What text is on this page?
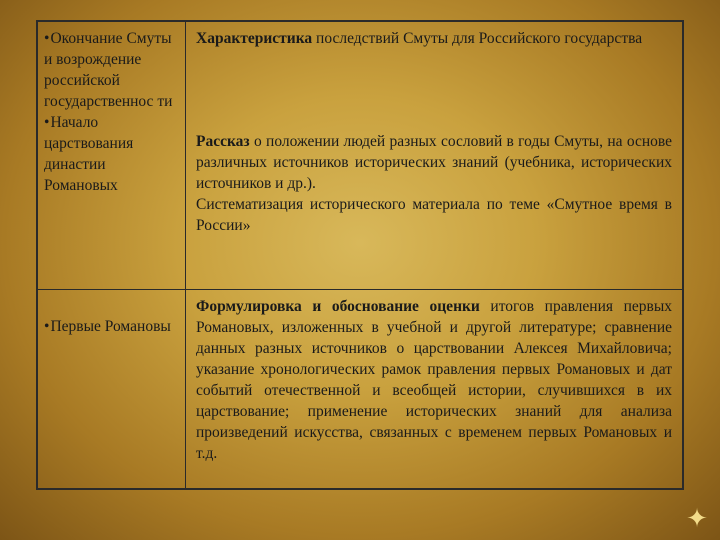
• Окончание Смуты и возрождение российской государственнос ти
• Начало царствования династии Романовых

Характеристика последствий Смуты для Российского государства

Рассказ о положении людей разных сословий в годы Смуты, на основе различных источников исторических знаний (учебника, исторических источников и др.).

Систематизация исторического материала по теме «Смутное время в России»

• Первые Романовы

Формулировка и обоснование оценки итогов правления первых Романовых, изложенных в учебной и другой литературе; сравнение данных разных источников о царствовании Алексея Михайловича; указание хронологических рамок правления первых Романовых и дат событий отечественной и всеобщей истории, случившихся в их царствование; применение исторических знаний для анализа произведений искусства, связанных с временем первых Романовых и т.д.

✦
